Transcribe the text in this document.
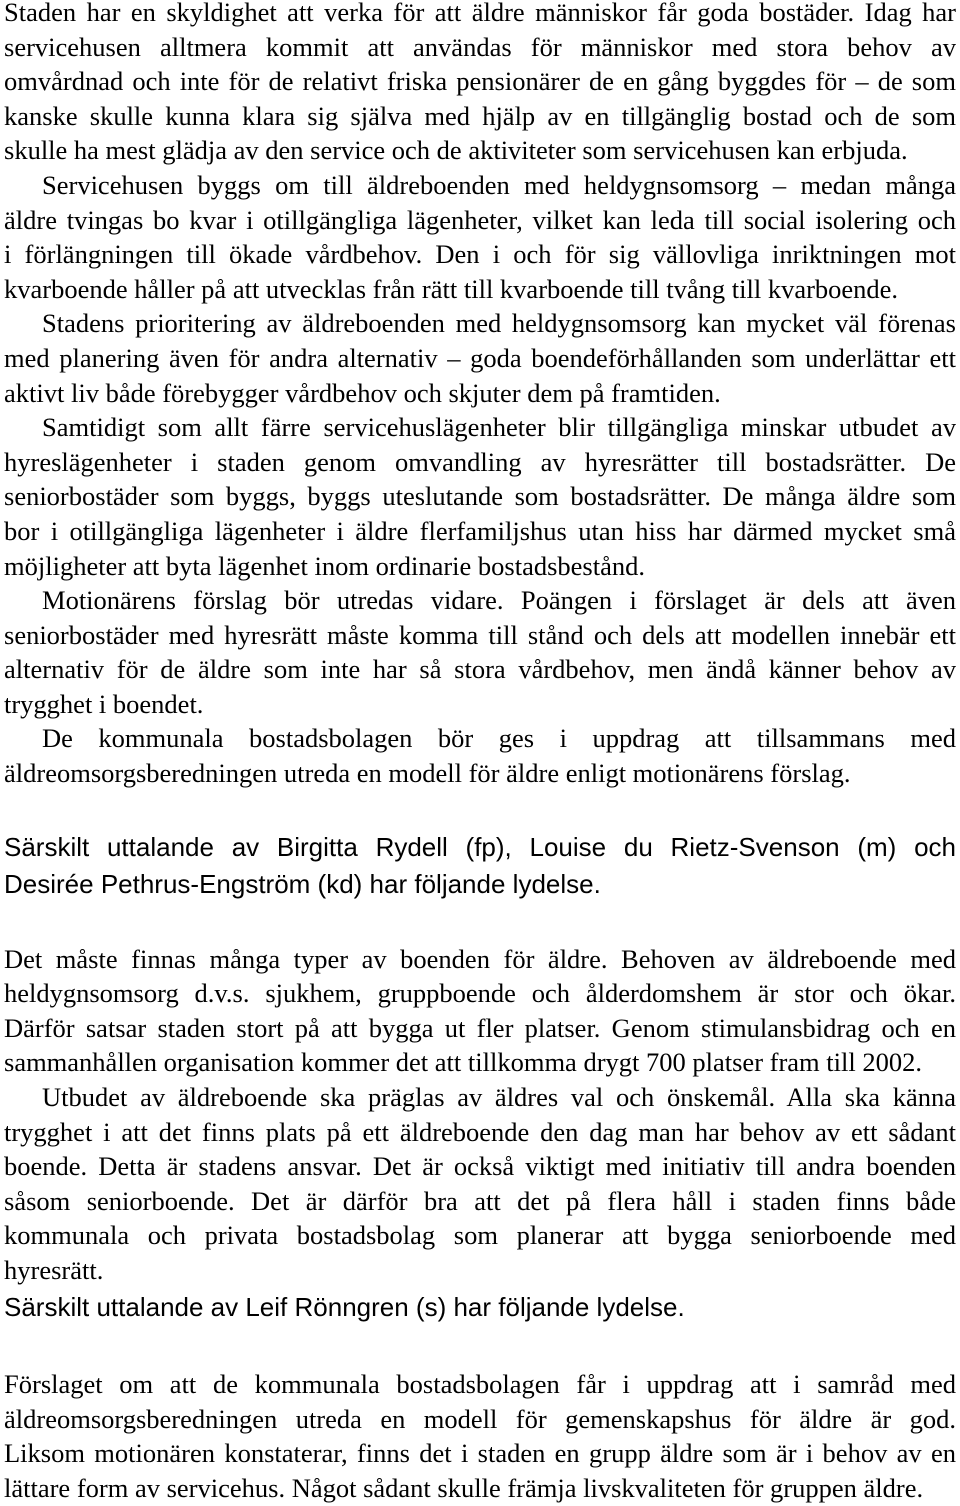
Staden har en skyldighet att verka för att äldre människor får goda bostäder. Idag har
servicehusen alltmera kommit att användas för människor med stora behov av
omvårdnad och inte för de relativt friska pensionärer de en gång byggdes för – de som
kanske skulle kunna klara sig själva med hjälp av en tillgänglig bostad och de som
skulle ha mest glädja av den service och de aktiviteter som servicehusen kan erbjuda.
Servicehusen byggs om till äldreboenden med heldygnsomsorg – medan många
äldre tvingas bo kvar i otillgängliga lägenheter, vilket kan leda till social isolering och
i förlängningen till ökade vårdbehov. Den i och för sig vällovliga inriktningen mot
kvarboende håller på att utvecklas från rätt till kvarboende till tvång till kvarboende.
Stadens prioritering av äldreboenden med heldygnsomsorg kan mycket väl förenas
med planering även för andra alternativ – goda boendeförhållanden som underlättar ett
aktivt liv både förebygger vårdbehov och skjuter dem på framtiden.
Samtidigt som allt färre servicehuslägenheter blir tillgängliga minskar utbudet av
hyreslägenheter i staden genom omvandling av hyresrätter till bostadsrätter. De
seniorbostäder som byggs, byggs uteslutande som bostadsrätter. De många äldre som
bor i otillgängliga lägenheter i äldre flerfamiljshus utan hiss har därmed mycket små
möjligheter att byta lägenhet inom ordinarie bostadsbestånd.
Motionärens förslag bör utredas vidare. Poängen i förslaget är dels att även
seniorbostäder med hyresrätt måste komma till stånd och dels att modellen innebär ett
alternativ för de äldre som inte har så stora vårdbehov, men ändå känner behov av
trygghet i boendet.
De kommunala bostadsbolagen bör ges i uppdrag att tillsammans med
äldreomsorgsberedningen utreda en modell för äldre enligt motionärens förslag.
Särskilt uttalande av Birgitta Rydell (fp), Louise du Rietz-Svenson (m) och
Desirée Pethrus-Engström (kd) har följande lydelse.
Det måste finnas många typer av boenden för äldre. Behoven av äldreboende med
heldygnsomsorg d.v.s. sjukhem, gruppboende och ålderdomshem är stor och ökar.
Därför satsar staden stort på att bygga ut fler platser. Genom stimulansbidrag och en
sammanhållen organisation kommer det att tillkomma drygt 700 platser fram till 2002.
Utbudet av äldreboende ska präglas av äldres val och önskemål. Alla ska känna
trygghet i att det finns plats på ett äldreboende den dag man har behov av ett sådant
boende. Detta är stadens ansvar. Det är också viktigt med initiativ till andra boenden
såsom seniorboende. Det är därför bra att det på flera håll i staden finns både
kommunala och privata bostadsbolag som planerar att bygga seniorboende med
hyresrätt.
Särskilt uttalande av Leif Rönngren (s) har följande lydelse.
Förslaget om att de kommunala bostadsbolagen får i uppdrag att i samråd med
äldreomsorgsberedningen utreda en modell för gemenskapshus för äldre är god.
Liksom motionären konstaterar, finns det i staden en grupp äldre som är i behov av en
lättare form av servicehus. Något sådant skulle främja livskvaliteten för gruppen äldre.
